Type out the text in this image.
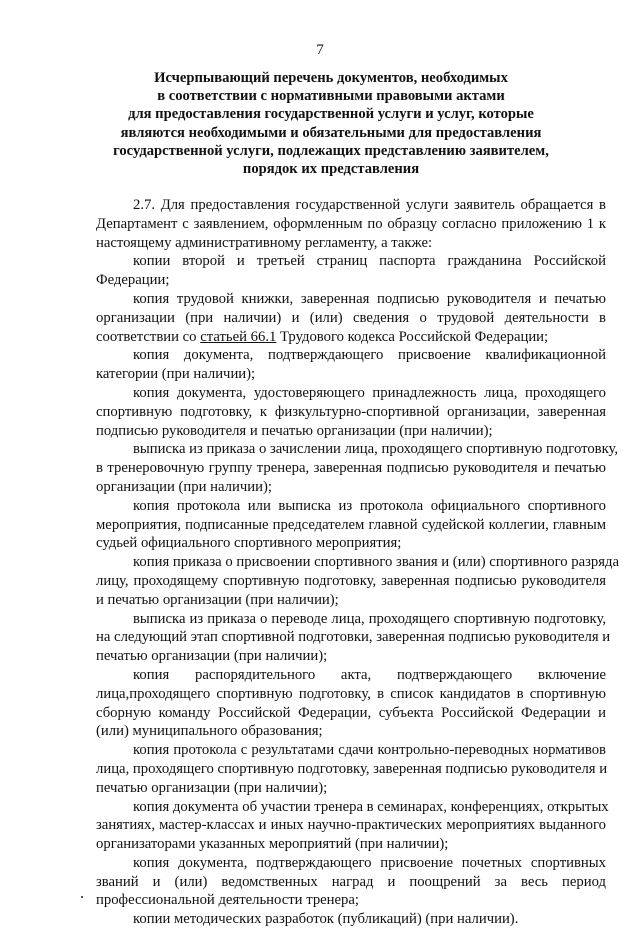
7
Исчерпывающий перечень документов, необходимых
в соответствии с нормативными правовыми актами
для предоставления государственной услуги и услуг, которые
являются необходимыми и обязательными для предоставления
государственной услуги, подлежащих представлению заявителем,
порядок их представления
2.7. Для предоставления государственной услуги заявитель обращается в
Департамент с заявлением, оформленным по образцу согласно приложению 1 к
настоящему административному регламенту, а также:
копии второй и третьей страниц паспорта гражданина Российской
Федерации;
копия трудовой книжки, заверенная подписью руководителя и печатью
организации (при наличии) и (или) сведения о трудовой деятельности в
соответствии со статьей 66.1 Трудового кодекса Российской Федерации;
копия документа, подтверждающего присвоение квалификационной
категории (при наличии);
копия документа, удостоверяющего принадлежность лица, проходящего
спортивную подготовку, к физкультурно-спортивной организации, заверенная
подписью руководителя и печатью организации (при наличии);
выписка из приказа о зачислении лица, проходящего спортивную подготовку,
в тренеровочную группу тренера, заверенная подписью руководителя и печатью
организации (при наличии);
копия протокола или выписка из протокола официального спортивного
мероприятия, подписанные председателем главной судейской коллегии, главным
судьей официального спортивного мероприятия;
копия приказа о присвоении спортивного звания и (или) спортивного разряда
лицу, проходящему спортивную подготовку, заверенная подписью руководителя
и печатью организации (при наличии);
выписка из приказа о переводе лица, проходящего спортивную подготовку,
на следующий этап спортивной подготовки, заверенная подписью руководителя и
печатью организации (при наличии);
копия распорядительного акта, подтверждающего включение
лица,проходящего спортивную подготовку, в список кандидатов в спортивную
сборную команду Российской Федерации, субъекта Российской Федерации и
(или) муниципального образования;
копия протокола с результатами сдачи контрольно-переводных нормативов
лица, проходящего спортивную подготовку, заверенная подписью руководителя и
печатью организации (при наличии);
копия документа об участии тренера в семинарах, конференциях, открытых
занятиях, мастер-классах и иных научно-практических мероприятиях выданного
организаторами указанных мероприятий (при наличии);
копия документа, подтверждающего присвоение почетных спортивных
званий и (или) ведомственных наград и поощрений за весь период
профессиональной деятельности тренера;
копии методических разработок (публикаций) (при наличии).
